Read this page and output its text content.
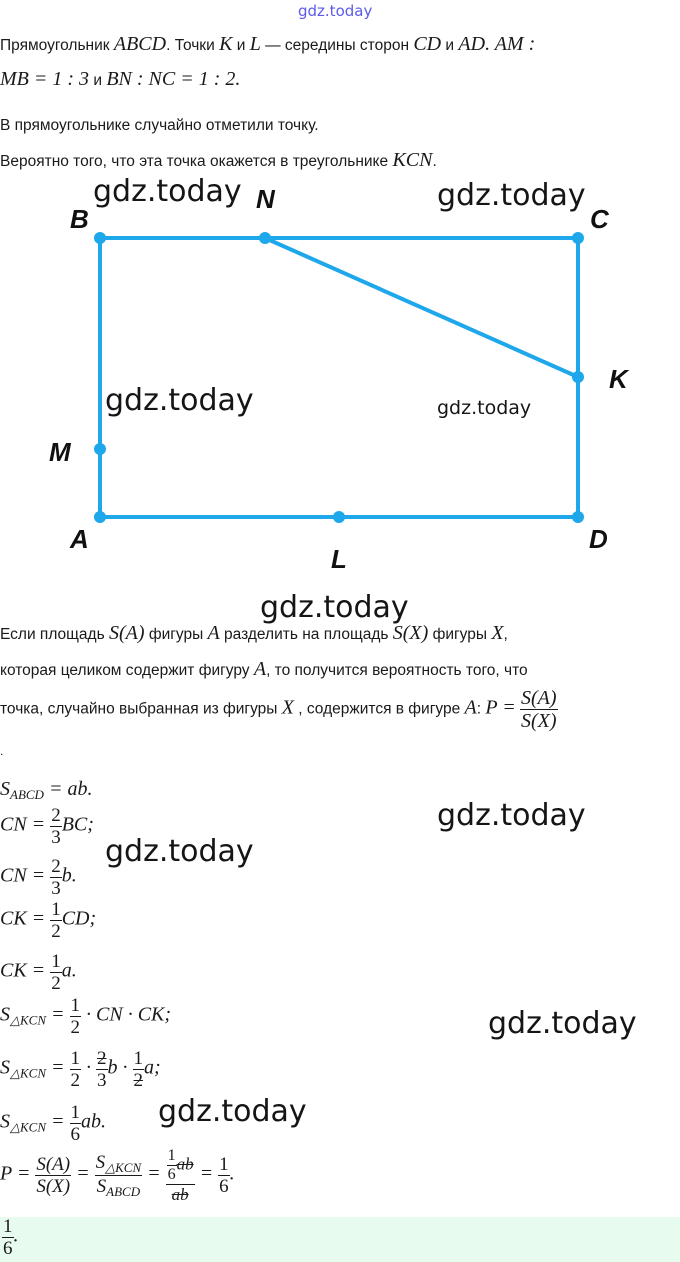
gdz.today
Прямоугольник ABCD. Точки K и L — середины сторон CD и AD. AM :
MB = 1 : 3 и BN : NC = 1 : 2.
В прямоугольнике случайно отметили точку.
Вероятно того, что эта точка окажется в треугольнике KCN.
B
N
C
K
M
A
L
D
Если площадь S(A) фигуры A разделить на площадь S(X) фигуры X,
которая целиком содержит фигуру A, то получится вероятность того, что
точка, случайно выбранная из фигуры X , содержится в фигуре A: $P = \frac{S(A)}{S(X)}$
.
$S_{ABCD}$ = ab.
CN = $\frac{2}{3}$ BC;
CN = $\frac{2}{3} b$.
CK = $\frac{1}{2}$ CD;
CK = $\frac{1}{2} a$.
$S_{\triangle KCN} = \frac{1}{2}$ · CN · CK;
$S_{\triangle KCN} = \frac{1}{2} \cdot \frac{2}{3}$ $b \cdot \frac{1}{2} a$;
$S_{\triangle KCN} = \frac{1}{6}$ ab.
$P = \frac{S(A)}{S(X)} = \frac{S_{\triangle KCN}}{S_{ABCD}} = \frac{\frac{1}{6} ab}{ab} = \frac{1}{6}$ .
$\frac{1}{6}$ .
gdz.today	gdz.today
gdz.today	gdz.today
gdz.today
gdz.today
gdz.today
gdz.today
gdz.today
